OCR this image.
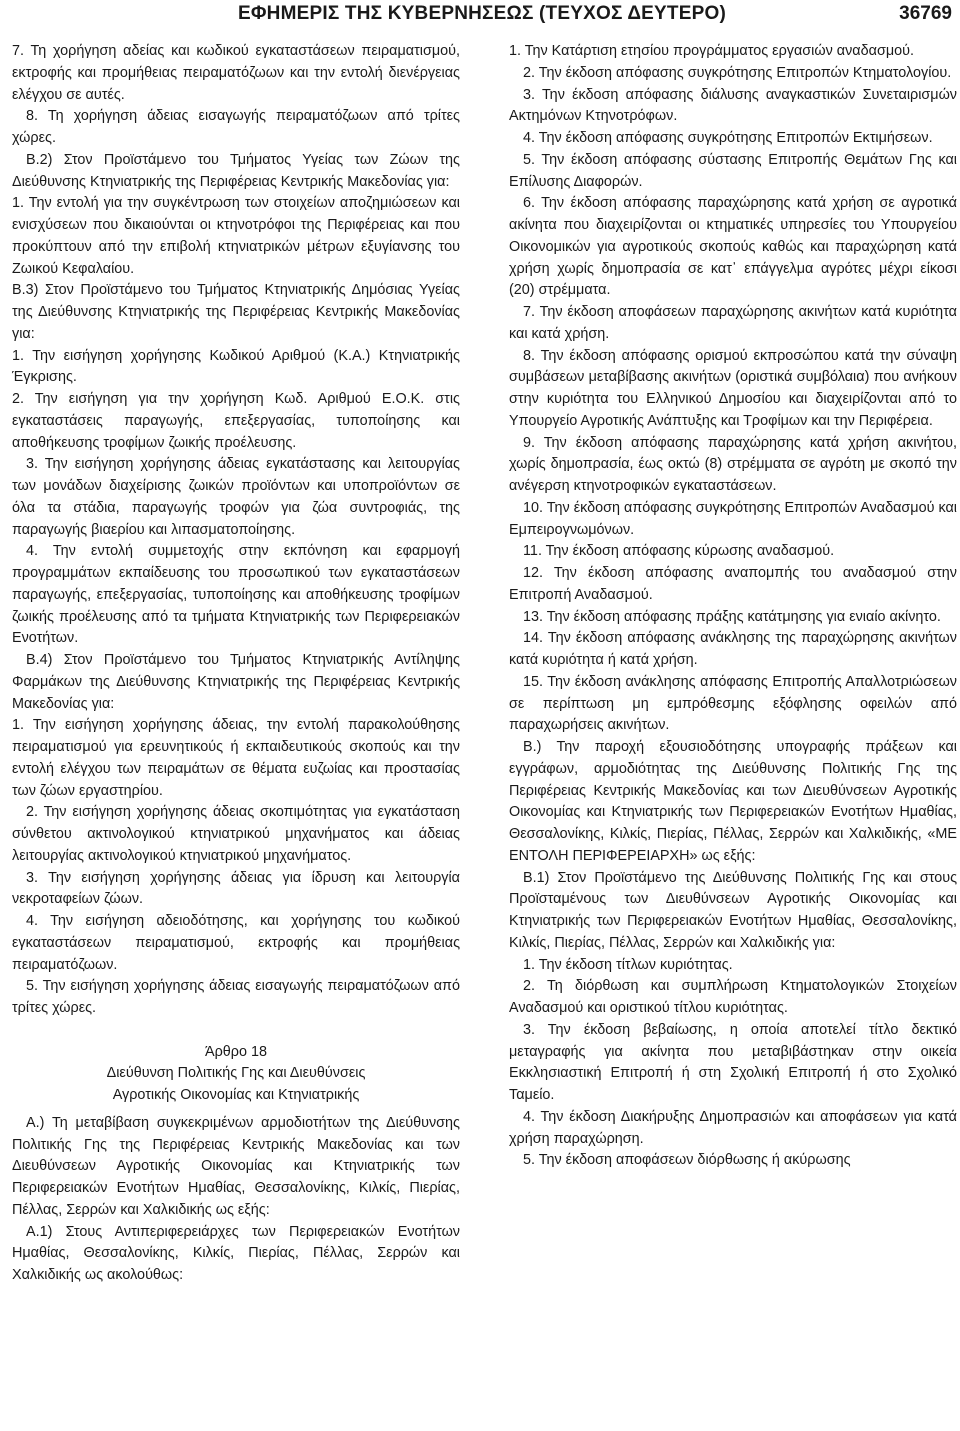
ΕΦΗΜΕΡΙΣ ΤΗΣ ΚΥΒΕΡΝΗΣΕΩΣ (ΤΕΥΧΟΣ ΔΕΥΤΕΡΟ)	36769

7. Τη χορήγηση αδείας και κωδικού εγκαταστάσεων πειραματισμού, εκτροφής και προμήθειας πειραματόζωων και την εντολή διενέργειας ελέγχου σε αυτές.

8. Τη χορήγηση άδειας εισαγωγής πειραματόζωων από τρίτες χώρες.

Β.2) Στον Προϊστάμενο του Τμήματος Υγείας των Ζώων της Διεύθυνσης Κτηνιατρικής της Περιφέρειας Κεντρικής Μακεδονίας για:

1. Την εντολή για την συγκέντρωση των στοιχείων αποζημιώσεων και ενισχύσεων που δικαιούνται οι κτηνοτρόφοι της Περιφέρειας και που προκύπτουν από την επιβολή κτηνιατρικών μέτρων εξυγίανσης του Ζωικού Κεφαλαίου.

Β.3) Στον Προϊστάμενο του Τμήματος Κτηνιατρικής Δημόσιας Υγείας της Διεύθυνσης Κτηνιατρικής της Περιφέρειας Κεντρικής Μακεδονίας για:

1. Την εισήγηση χορήγησης Κωδικού Αριθμού (Κ.Α.) Κτηνιατρικής Έγκρισης.

2. Την εισήγηση για την χορήγηση Κωδ. Αριθμού Ε.Ο.Κ. στις εγκαταστάσεις παραγωγής, επεξεργασίας, τυποποίησης και αποθήκευσης τροφίμων ζωικής προέλευσης.

3. Την εισήγηση χορήγησης άδειας εγκατάστασης και λειτουργίας των μονάδων διαχείρισης ζωικών προϊόντων και υποπροϊόντων σε όλα τα στάδια, παραγωγής τροφών για ζώα συντροφιάς, της παραγωγής βιαερίου και λιπασματοποίησης.

4. Την εντολή συμμετοχής στην εκπόνηση και εφαρμογή προγραμμάτων εκπαίδευσης του προσωπικού των εγκαταστάσεων παραγωγής, επεξεργασίας, τυποποίησης και αποθήκευσης τροφίμων ζωικής προέλευσης από τα τμήματα Κτηνιατρικής των Περιφερειακών Ενοτήτων.

Β.4) Στον Προϊστάμενο του Τμήματος Κτηνιατρικής Αντίληψης Φαρμάκων της Διεύθυνσης Κτηνιατρικής της Περιφέρειας Κεντρικής Μακεδονίας για:

1. Την εισήγηση χορήγησης άδειας, την εντολή παρακολούθησης πειραματισμού για ερευνητικούς ή εκπαιδευτικούς σκοπούς και την εντολή ελέγχου των πειραμάτων σε θέματα ευζωίας και προστασίας των ζώων εργαστηρίου.

2. Την εισήγηση χορήγησης άδειας σκοπιμότητας για εγκατάσταση σύνθετου ακτινολογικού κτηνιατρικού μηχανήματος και άδειας λειτουργίας ακτινολογικού κτηνιατρικού μηχανήματος.

3. Την εισήγηση χορήγησης άδειας για ίδρυση και λειτουργία νεκροταφείων ζώων.

4. Την εισήγηση αδειοδότησης, και χορήγησης του κωδικού εγκαταστάσεων πειραματισμού, εκτροφής και προμήθειας πειραματόζωων.

5. Την εισήγηση χορήγησης άδειας εισαγωγής πειραματόζωων από τρίτες χώρες.

Άρθρο 18

Διεύθυνση Πολιτικής Γης και Διευθύνσεις

Αγροτικής Οικονομίας και Κτηνιατρικής

Α.) Τη μεταβίβαση συγκεκριμένων αρμοδιοτήτων της Διεύθυνσης Πολιτικής Γης της Περιφέρειας Κεντρικής Μακεδονίας και των Διευθύνσεων Αγροτικής Οικονομίας και Κτηνιατρικής των Περιφερειακών Ενοτήτων Ημαθίας, Θεσσαλονίκης, Κιλκίς, Πιερίας, Πέλλας, Σερρών και Χαλκιδικής ως εξής:

Α.1) Στους Αντιπεριφερειάρχες των Περιφερειακών Ενοτήτων Ημαθίας, Θεσσαλονίκης, Κιλκίς, Πιερίας, Πέλλας, Σερρών και Χαλκιδικής ως ακολούθως:

1. Την Κατάρτιση ετησίου προγράμματος εργασιών αναδασμού.

2. Την έκδοση απόφασης συγκρότησης Επιτροπών Κτηματολογίου.

3. Την έκδοση απόφασης διάλυσης αναγκαστικών Συνεταιρισμών Ακτημόνων Κτηνοτρόφων.

4. Την έκδοση απόφασης συγκρότησης Επιτροπών Εκτιμήσεων.

5. Την έκδοση απόφασης σύστασης Επιτροπής Θεμάτων Γης και Επίλυσης Διαφορών.

6. Την έκδοση απόφασης παραχώρησης κατά χρήση σε αγροτικά ακίνητα που διαχειρίζονται οι κτηματικές υπηρεσίες του Υπουργείου Οικονομικών για αγροτικούς σκοπούς καθώς και παραχώρηση κατά χρήση χωρίς δημοπρασία σε κατ᾽ επάγγελμα αγρότες μέχρι είκοσι (20) στρέμματα.

7. Την έκδοση αποφάσεων παραχώρησης ακινήτων κατά κυριότητα και κατά χρήση.

8. Την έκδοση απόφασης ορισμού εκπροσώπου κατά την σύναψη συμβάσεων μεταβίβασης ακινήτων (οριστικά συμβόλαια) που ανήκουν στην κυριότητα του Ελληνικού Δημοσίου και διαχειρίζονται από το Υπουργείο Αγροτικής Ανάπτυξης και Τροφίμων και την Περιφέρεια.

9. Την έκδοση απόφασης παραχώρησης κατά χρήση ακινήτου, χωρίς δημοπρασία, έως οκτώ (8) στρέμματα σε αγρότη με σκοπό την ανέγερση κτηνοτροφικών εγκαταστάσεων.

10. Την έκδοση απόφασης συγκρότησης Επιτροπών Αναδασμού και Εμπειρογνωμόνων.

11. Την έκδοση απόφασης κύρωσης αναδασμού.

12. Την έκδοση απόφασης αναπομπής του αναδασμού στην Επιτροπή Αναδασμού.

13. Την έκδοση απόφασης πράξης κατάτμησης για ενιαίο ακίνητο.

14. Την έκδοση απόφασης ανάκλησης της παραχώρησης ακινήτων κατά κυριότητα ή κατά χρήση.

15. Την έκδοση ανάκλησης απόφασης Επιτροπής Απαλλοτριώσεων σε περίπτωση μη εμπρόθεσμης εξόφλησης οφειλών από παραχωρήσεις ακινήτων.

Β.) Την παροχή εξουσιοδότησης υπογραφής πράξεων και εγγράφων, αρμοδιότητας της Διεύθυνσης Πολιτικής Γης της Περιφέρειας Κεντρικής Μακεδονίας και των Διευθύνσεων Αγροτικής Οικονομίας και Κτηνιατρικής των Περιφερειακών Ενοτήτων Ημαθίας, Θεσσαλονίκης, Κιλκίς, Πιερίας, Πέλλας, Σερρών και Χαλκιδικής, «ΜΕ ΕΝΤΟΛΗ ΠΕΡΙΦΕΡΕΙΑΡΧΗ» ως εξής:

Β.1) Στον Προϊστάμενο της Διεύθυνσης Πολιτικής Γης και στους Προϊσταμένους των Διευθύνσεων Αγροτικής Οικονομίας και Κτηνιατρικής των Περιφερειακών Ενοτήτων Ημαθίας, Θεσσαλονίκης, Κιλκίς, Πιερίας, Πέλλας, Σερρών και Χαλκιδικής για:

1. Την έκδοση τίτλων κυριότητας.

2. Τη διόρθωση και συμπλήρωση Κτηματολογικών Στοιχείων Αναδασμού και οριστικού τίτλου κυριότητας.

3. Την έκδοση βεβαίωσης, η οποία αποτελεί τίτλο δεκτικό μεταγραφής για ακίνητα που μεταβιβάστηκαν στην οικεία Εκκλησιαστική Επιτροπή ή στη Σχολική Επιτροπή ή στο Σχολικό Ταμείο.

4. Την έκδοση Διακήρυξης Δημοπρασιών και αποφάσεων για κατά χρήση παραχώρηση.

5. Την έκδοση αποφάσεων διόρθωσης ή ακύρωσης
